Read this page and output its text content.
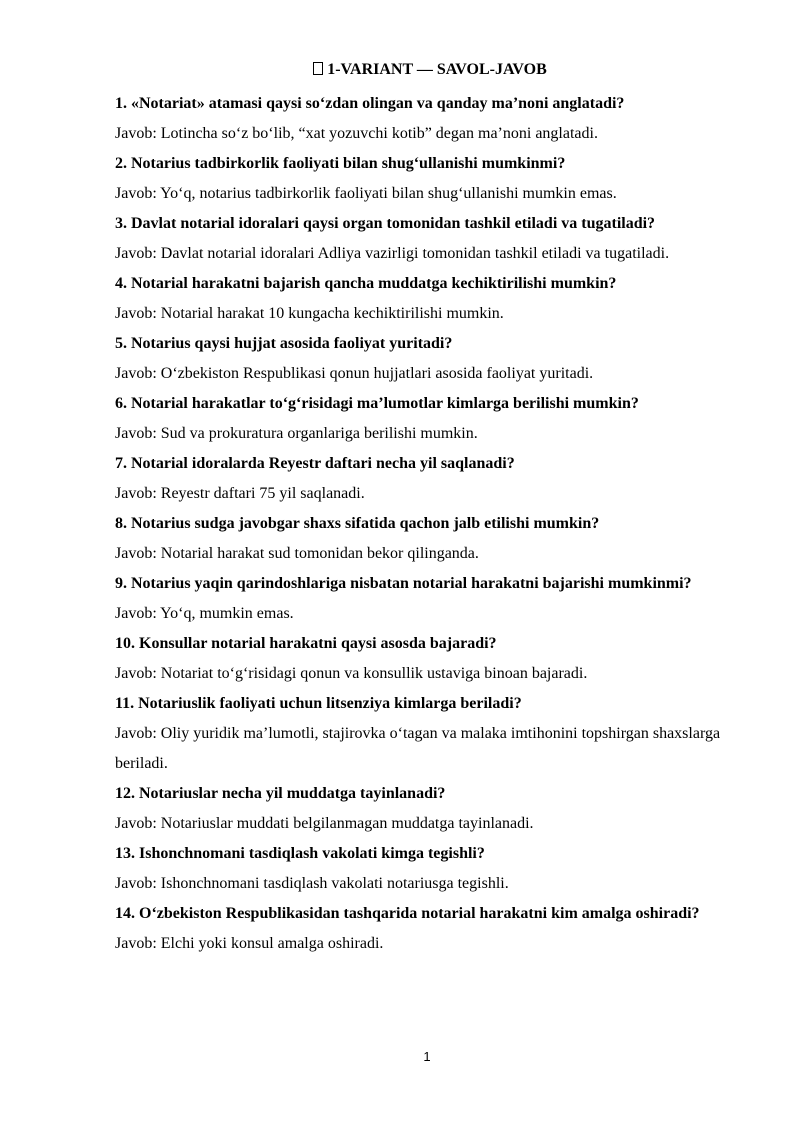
1-VARIANT — SAVOL-JAVOB

1. «Notariat» atamasi qaysi so‘zdan olingan va qanday ma’noni anglatadi?

Javob: Lotincha so‘z bo‘lib, “xat yozuvchi kotib” degan ma’noni anglatadi.

2. Notarius tadbirkorlik faoliyati bilan shug‘ullanishi mumkinmi?

Javob: Yo‘q, notarius tadbirkorlik faoliyati bilan shug‘ullanishi mumkin emas.

3. Davlat notarial idoralari qaysi organ tomonidan tashkil etiladi va tugatiladi?

Javob: Davlat notarial idoralari Adliya vazirligi tomonidan tashkil etiladi va tugatiladi.

4. Notarial harakatni bajarish qancha muddatga kechiktirilishi mumkin?

Javob: Notarial harakat 10 kungacha kechiktirilishi mumkin.

5. Notarius qaysi hujjat asosida faoliyat yuritadi?

Javob: O‘zbekiston Respublikasi qonun hujjatlari asosida faoliyat yuritadi.

6. Notarial harakatlar to‘g‘risidagi ma’lumotlar kimlarga berilishi mumkin?

Javob: Sud va prokuratura organlariga berilishi mumkin.

7. Notarial idoralarda Reyestr daftari necha yil saqlanadi?

Javob: Reyestr daftari 75 yil saqlanadi.

8. Notarius sudga javobgar shaxs sifatida qachon jalb etilishi mumkin?

Javob: Notarial harakat sud tomonidan bekor qilinganda.

9. Notarius yaqin qarindoshlariga nisbatan notarial harakatni bajarishi mumkinmi?

Javob: Yo‘q, mumkin emas.

10. Konsullar notarial harakatni qaysi asosda bajaradi?

Javob: Notariat to‘g‘risidagi qonun va konsullik ustaviga binoan bajaradi.

11. Notariuslik faoliyati uchun litsenziya kimlarga beriladi?

Javob: Oliy yuridik ma’lumotli, stajirovka o‘tagan va malaka imtihonini topshirgan shaxslarga beriladi.

12. Notariuslar necha yil muddatga tayinlanadi?

Javob: Notariuslar muddati belgilanmagan muddatga tayinlanadi.

13. Ishonchnomani tasdiqlash vakolati kimga tegishli?

Javob: Ishonchnomani tasdiqlash vakolati notariusga tegishli.

14. O‘zbekiston Respublikasidan tashqarida notarial harakatni kim amalga oshiradi?

Javob: Elchi yoki konsul amalga oshiradi.

1
